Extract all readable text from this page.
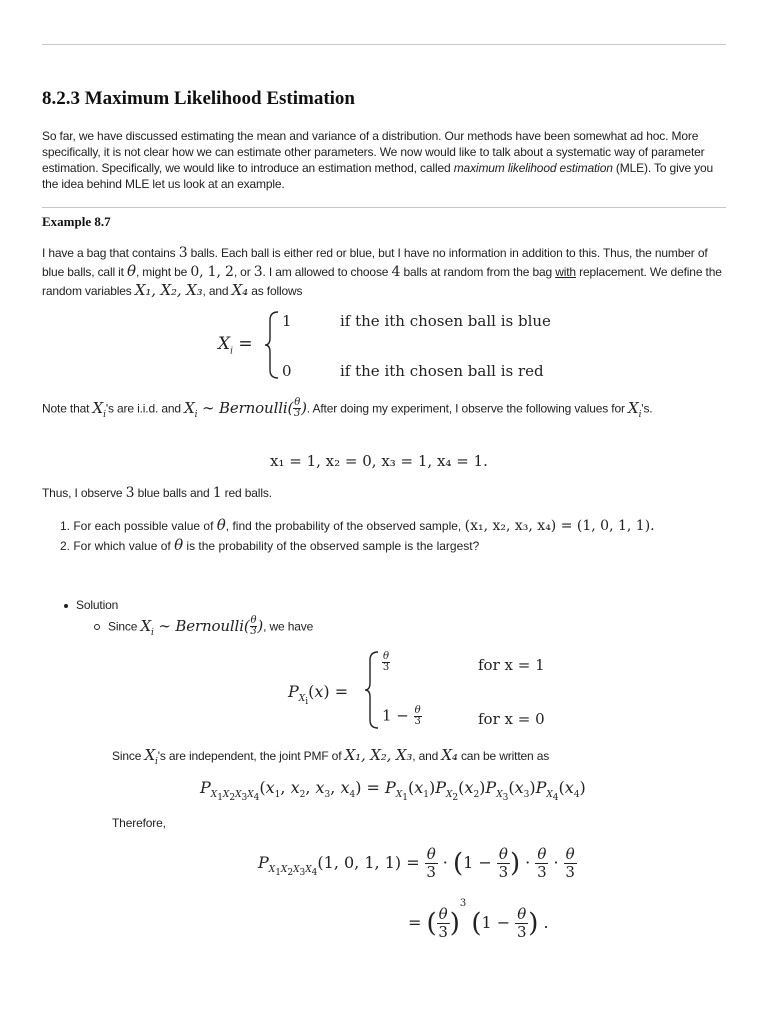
8.2.3 Maximum Likelihood Estimation

So far, we have discussed estimating the mean and variance of a distribution. Our methods have been somewhat ad hoc. More specifically, it is not clear how we can estimate other parameters. We now would like to talk about a systematic way of parameter estimation. Specifically, we would like to introduce an estimation method, called maximum likelihood estimation (MLE). To give you the idea behind MLE let us look at an example.

Example 8.7

I have a bag that contains 3 balls. Each ball is either red or blue, but I have no information in addition to this. Thus, the number of blue balls, call it θ, might be 0, 1, 2, or 3. I am allowed to choose 4 balls at random from the bag with replacement. We define the random variables X₁, X₂, X₃, and X₄ as follows

$X_i$ =
1	if the ith chosen ball is blue
0	if the ith chosen ball is red

Note that $X_i's$ are i.i.d. and $X_i$ ∼ Bernoulli( $\frac{\theta}{3}$ ). After doing my experiment, I observe the following values for $X_i's$.

x₁ = 1, x₂ = 0, x₃ = 1, x₄ = 1.

Thus, I observe 3 blue balls and 1 red balls.

1. For each possible value of θ, find the probability of the observed sample, (x₁, x₂, x₃, x₄) = (1, 0, 1, 1).
2. For which value of θ is the probability of the observed sample is the largest?
Solution
Since $X_i$ ∼ Bernoulli( $\frac{\theta}{3}$ ), we have
$P_{X_i}(x)$ =
$\frac{\theta}{3}$	for x = 1
$1 - \frac{\theta}{3}$	for x = 0
Since $X_i's$ are independent, the joint PMF of X₁, X₂, X₃, and X₄ can be written as
$P_{X_1X_2X_3X_4}(x_1$, $x_2$, $x_3$, $x_4) = P_{X_1}(x_1)P_{X_2}(x_2)P_{X_3}(x_3)P_{X_4}(x_4)$
Therefore,
$P_{X_1X_2X_3X_4}(1$, 0, 1, $1) = \frac{\theta}{3} \cdot (1 - \frac{\theta}{3}$ ) · $\frac{\theta}{3} \cdot \frac{\theta}{3}$
= ( $\frac{\theta}{3} )^3$ ($1 - \frac{\theta}{3}$ ) .
